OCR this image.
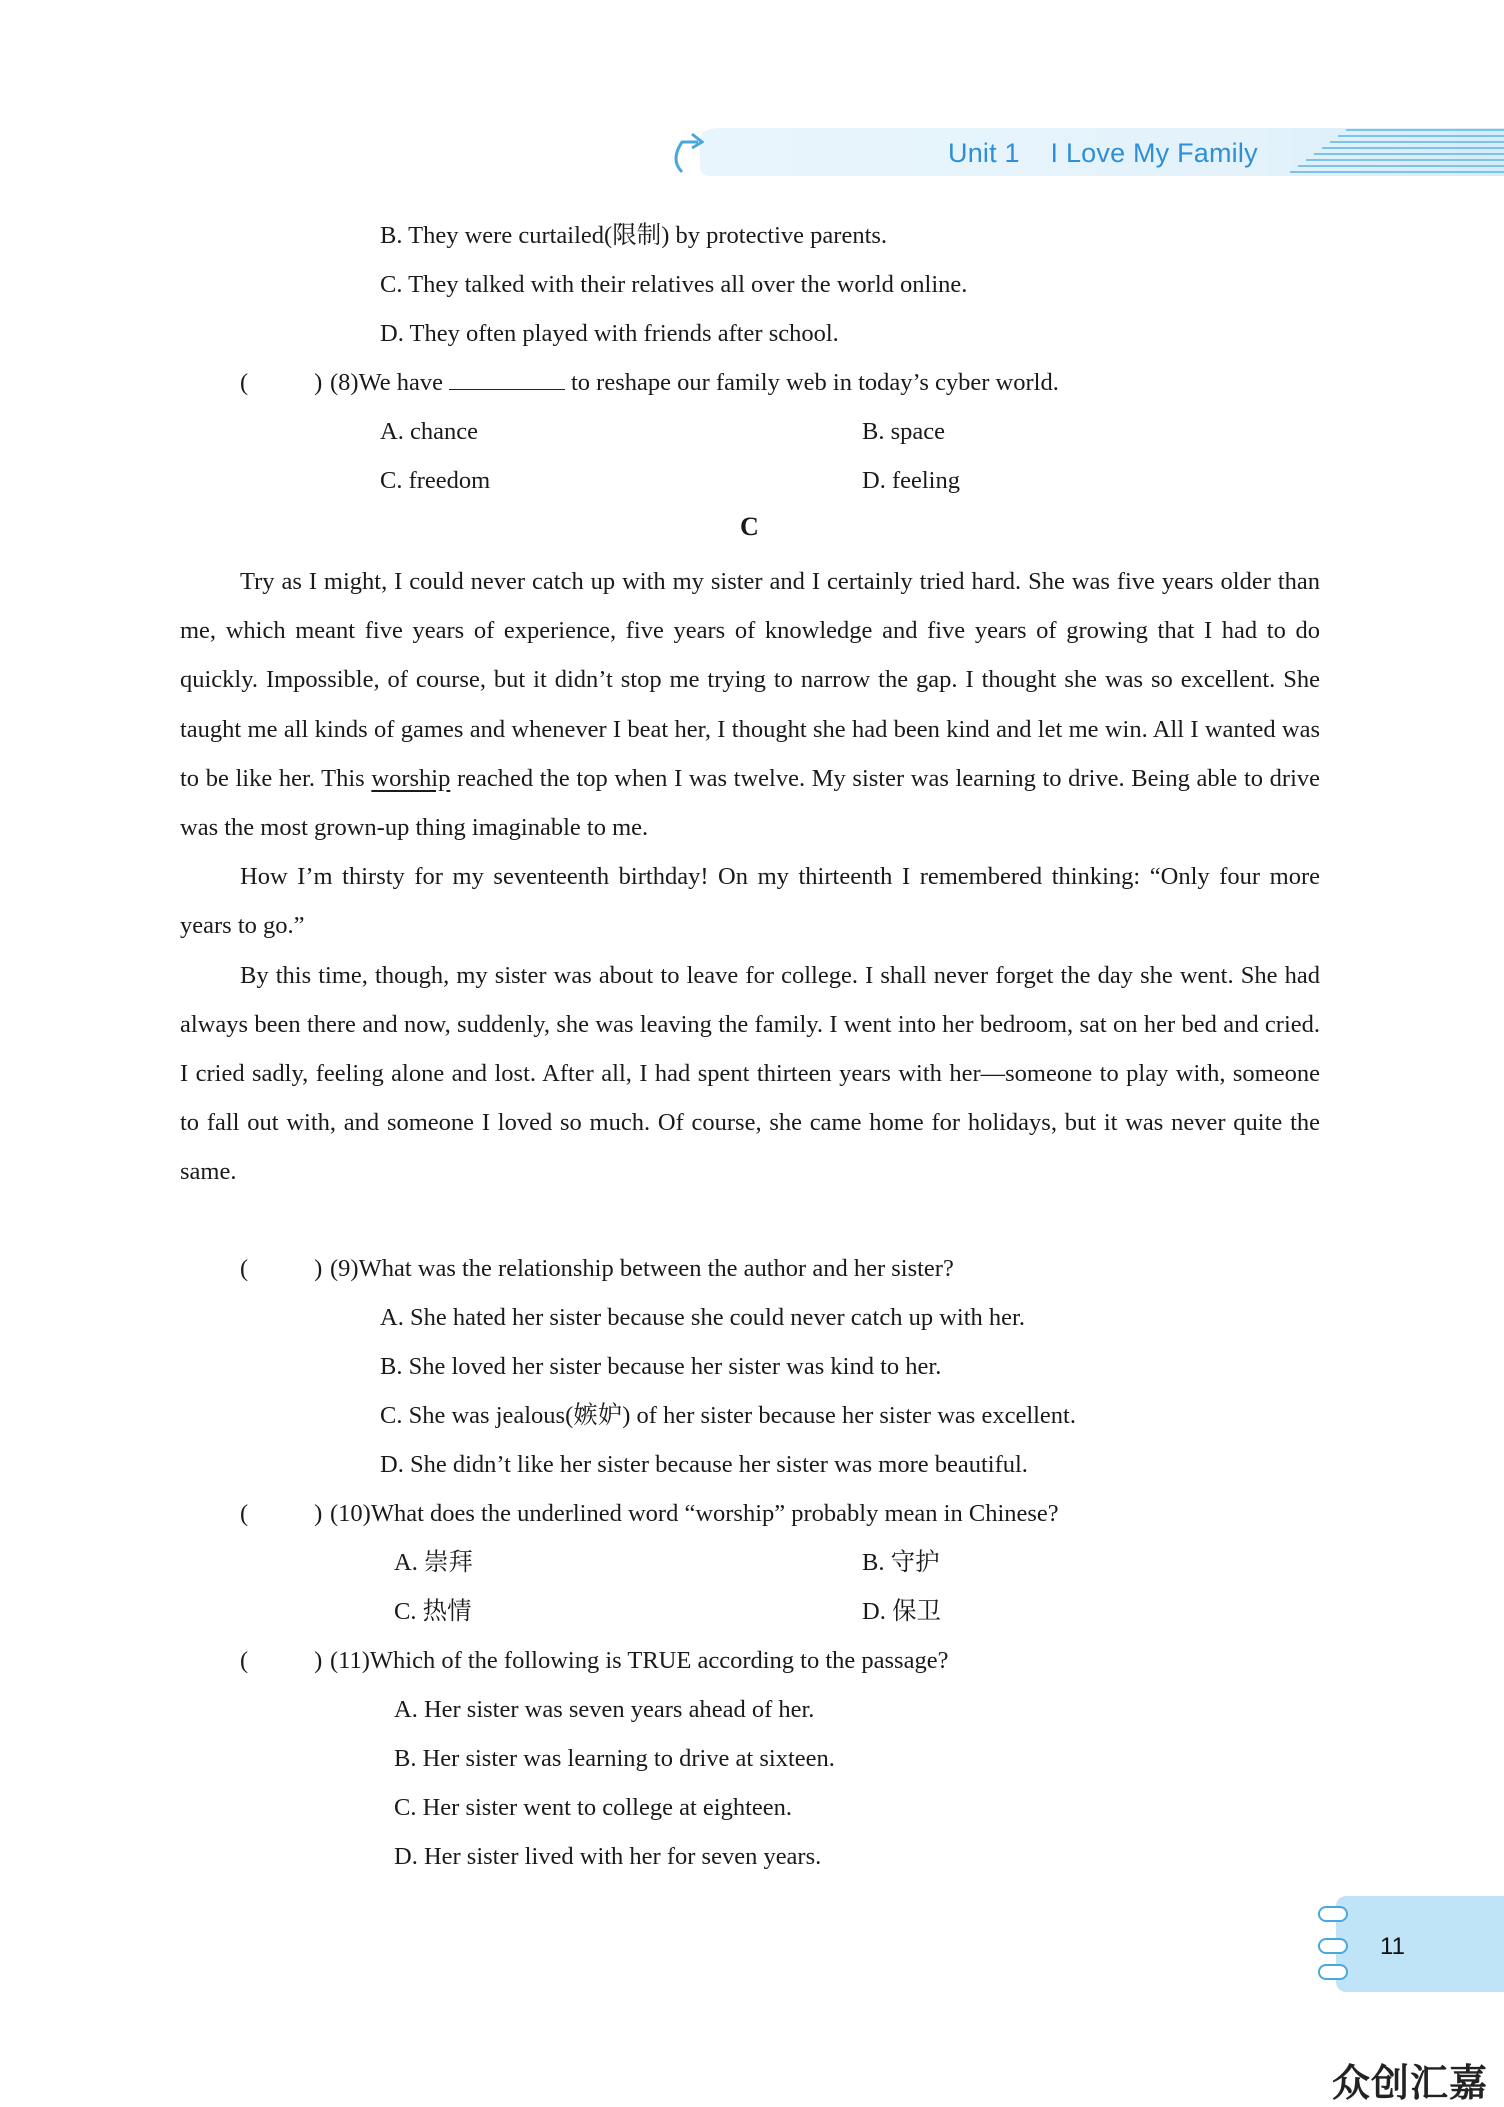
Unit 1    I Love My Family
B. They were curtailed(限制) by protective parents.
C. They talked with their relatives all over the world online.
D. They often played with friends after school.
(	) (8)We have	to reshape our family web in today’s cyber world.
A. chance	B. space
C. freedom	D. feeling
C

Try as I might, I could never catch up with my sister and I certainly tried hard. She was five years older than me, which meant five years of experience, five years of knowledge and five years of growing that I had to do quickly. Impossible, of course, but it didn’t stop me trying to narrow the gap. I thought she was so excellent. She taught me all kinds of games and whenever I beat her, I thought she had been kind and let me win. All I wanted was to be like her. This worship reached the top when I was twelve. My sister was learning to drive. Being able to drive was the most grown-up thing imaginable to me.

How I’m thirsty for my seventeenth birthday! On my thirteenth I remembered thinking: “Only four more years to go.”

By this time, though, my sister was about to leave for college. I shall never forget the day she went. She had always been there and now, suddenly, she was leaving the family. I went into her bedroom, sat on her bed and cried. I cried sadly, feeling alone and lost. After all, I had spent thirteen years with her—someone to play with, someone to fall out with, and someone I loved so much. Of course, she came home for holidays, but it was never quite the same.

(	) (9)What was the relationship between the author and her sister?
A. She hated her sister because she could never catch up with her.
B. She loved her sister because her sister was kind to her.
C. She was jealous(嫉妒) of her sister because her sister was excellent.
D. She didn’t like her sister because her sister was more beautiful.
(	) (10)What does the underlined word “worship” probably mean in Chinese?
A. 崇拜	B. 守护
C. 热情	D. 保卫
(	) (11)Which of the following is TRUE according to the passage?
A. Her sister was seven years ahead of her.
B. Her sister was learning to drive at sixteen.
C. Her sister went to college at eighteen.
D. Her sister lived with her for seven years.
11
众创汇嘉
